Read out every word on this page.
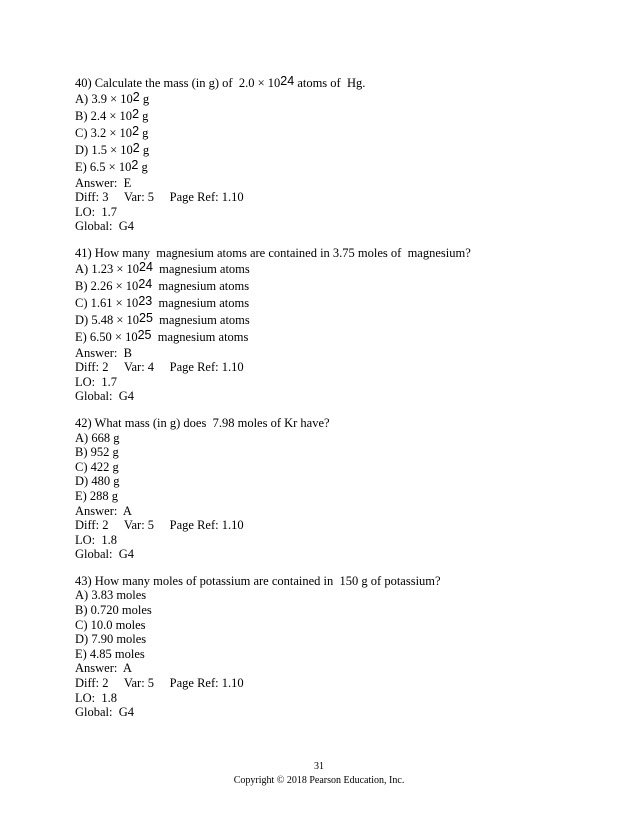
40) Calculate the mass (in g) of  2.0 × 1024 atoms of  Hg.
A) 3.9 × 102 g
B) 2.4 × 102 g
C) 3.2 × 102 g
D) 1.5 × 102 g
E) 6.5 × 102 g
Answer:  E
Diff: 3     Var: 5     Page Ref: 1.10
LO:  1.7
Global:  G4
41) How many  magnesium atoms are contained in 3.75 moles of  magnesium?
A) 1.23 × 1024  magnesium atoms
B) 2.26 × 1024  magnesium atoms
C) 1.61 × 1023  magnesium atoms
D) 5.48 × 1025  magnesium atoms
E) 6.50 × 1025  magnesium atoms
Answer:  B
Diff: 2     Var: 4     Page Ref: 1.10
LO:  1.7
Global:  G4
42) What mass (in g) does  7.98 moles of Kr have?
A) 668 g
B) 952 g
C) 422 g
D) 480 g
E) 288 g
Answer:  A
Diff: 2     Var: 5     Page Ref: 1.10
LO:  1.8
Global:  G4
43) How many moles of potassium are contained in  150 g of potassium?
A) 3.83 moles
B) 0.720 moles
C) 10.0 moles
D) 7.90 moles
E) 4.85 moles
Answer:  A
Diff: 2     Var: 5     Page Ref: 1.10
LO:  1.8
Global:  G4
31
Copyright © 2018 Pearson Education, Inc.
